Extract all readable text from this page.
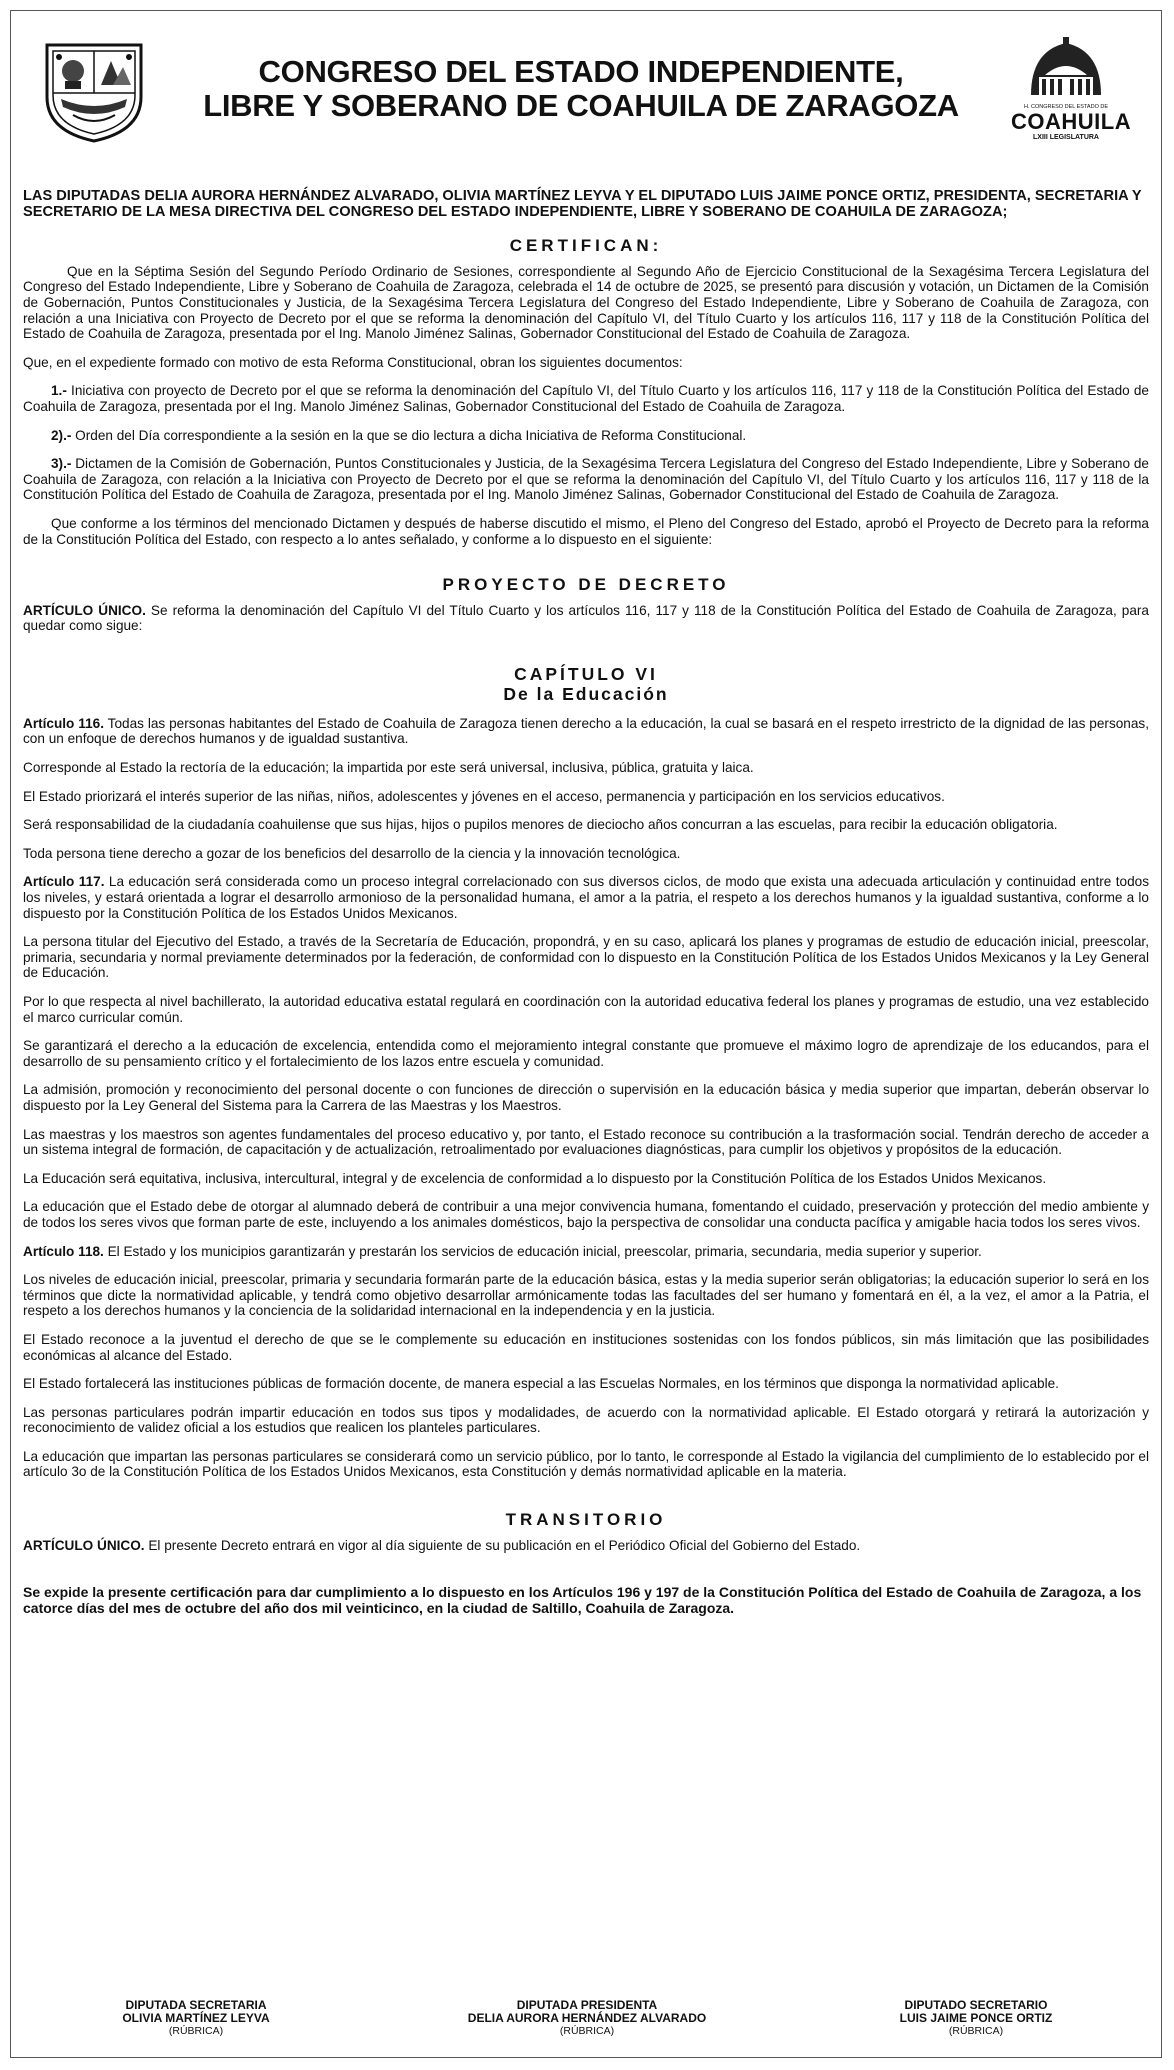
CONGRESO DEL ESTADO INDEPENDIENTE,
LIBRE Y SOBERANO DE COAHUILA DE ZARAGOZA	H. CONGRESO DEL ESTADO DE
COAHUILA
LXIII LEGISLATURA

LAS DIPUTADAS DELIA AURORA HERNÁNDEZ ALVARADO, OLIVIA MARTÍNEZ LEYVA Y EL DIPUTADO LUIS JAIME PONCE ORTIZ, PRESIDENTA, SECRETARIA Y SECRETARIO DE LA MESA DIRECTIVA DEL CONGRESO DEL ESTADO INDEPENDIENTE, LIBRE Y SOBERANO DE COAHUILA DE ZARAGOZA;

CERTIFICAN:

Que en la Séptima Sesión del Segundo Período Ordinario de Sesiones, correspondiente al Segundo Año de Ejercicio Constitucional de la Sexagésima Tercera Legislatura del Congreso del Estado Independiente, Libre y Soberano de Coahuila de Zaragoza, celebrada el 14 de octubre de 2025, se presentó para discusión y votación, un Dictamen de la Comisión de Gobernación, Puntos Constitucionales y Justicia, de la Sexagésima Tercera Legislatura del Congreso del Estado Independiente, Libre y Soberano de Coahuila de Zaragoza, con relación a una Iniciativa con Proyecto de Decreto por el que se reforma la denominación del Capítulo VI, del Título Cuarto y los artículos 116, 117 y 118 de la Constitución Política del Estado de Coahuila de Zaragoza, presentada por el Ing. Manolo Jiménez Salinas, Gobernador Constitucional del Estado de Coahuila de Zaragoza.

Que, en el expediente formado con motivo de esta Reforma Constitucional, obran los siguientes documentos:

1.- Iniciativa con proyecto de Decreto por el que se reforma la denominación del Capítulo VI, del Título Cuarto y los artículos 116, 117 y 118 de la Constitución Política del Estado de Coahuila de Zaragoza, presentada por el Ing. Manolo Jiménez Salinas, Gobernador Constitucional del Estado de Coahuila de Zaragoza.

2).- Orden del Día correspondiente a la sesión en la que se dio lectura a dicha Iniciativa de Reforma Constitucional.

3).- Dictamen de la Comisión de Gobernación, Puntos Constitucionales y Justicia, de la Sexagésima Tercera Legislatura del Congreso del Estado Independiente, Libre y Soberano de Coahuila de Zaragoza, con relación a la Iniciativa con Proyecto de Decreto por el que se reforma la denominación del Capítulo VI, del Título Cuarto y los artículos 116, 117 y 118 de la Constitución Política del Estado de Coahuila de Zaragoza, presentada por el Ing. Manolo Jiménez Salinas, Gobernador Constitucional del Estado de Coahuila de Zaragoza.

Que conforme a los términos del mencionado Dictamen y después de haberse discutido el mismo, el Pleno del Congreso del Estado, aprobó el Proyecto de Decreto para la reforma de la Constitución Política del Estado, con respecto a lo antes señalado, y conforme a lo dispuesto en el siguiente:

PROYECTO DE DECRETO

ARTÍCULO ÚNICO. Se reforma la denominación del Capítulo VI del Título Cuarto y los artículos 116, 117 y 118 de la Constitución Política del Estado de Coahuila de Zaragoza, para quedar como sigue:

CAPÍTULO VI

De la Educación

Artículo 116. Todas las personas habitantes del Estado de Coahuila de Zaragoza tienen derecho a la educación, la cual se basará en el respeto irrestricto de la dignidad de las personas, con un enfoque de derechos humanos y de igualdad sustantiva.

Corresponde al Estado la rectoría de la educación; la impartida por este será universal, inclusiva, pública, gratuita y laica.

El Estado priorizará el interés superior de las niñas, niños, adolescentes y jóvenes en el acceso, permanencia y participación en los servicios educativos.

Será responsabilidad de la ciudadanía coahuilense que sus hijas, hijos o pupilos menores de dieciocho años concurran a las escuelas, para recibir la educación obligatoria.

Toda persona tiene derecho a gozar de los beneficios del desarrollo de la ciencia y la innovación tecnológica.

Artículo 117. La educación será considerada como un proceso integral correlacionado con sus diversos ciclos, de modo que exista una adecuada articulación y continuidad entre todos los niveles, y estará orientada a lograr el desarrollo armonioso de la personalidad humana, el amor a la patria, el respeto a los derechos humanos y la igualdad sustantiva, conforme a lo dispuesto por la Constitución Política de los Estados Unidos Mexicanos.

La persona titular del Ejecutivo del Estado, a través de la Secretaría de Educación, propondrá, y en su caso, aplicará los planes y programas de estudio de educación inicial, preescolar, primaria, secundaria y normal previamente determinados por la federación, de conformidad con lo dispuesto en la Constitución Política de los Estados Unidos Mexicanos y la Ley General de Educación.

Por lo que respecta al nivel bachillerato, la autoridad educativa estatal regulará en coordinación con la autoridad educativa federal los planes y programas de estudio, una vez establecido el marco curricular común.

Se garantizará el derecho a la educación de excelencia, entendida como el mejoramiento integral constante que promueve el máximo logro de aprendizaje de los educandos, para el desarrollo de su pensamiento crítico y el fortalecimiento de los lazos entre escuela y comunidad.

La admisión, promoción y reconocimiento del personal docente o con funciones de dirección o supervisión en la educación básica y media superior que impartan, deberán observar lo dispuesto por la Ley General del Sistema para la Carrera de las Maestras y los Maestros.

Las maestras y los maestros son agentes fundamentales del proceso educativo y, por tanto, el Estado reconoce su contribución a la trasformación social. Tendrán derecho de acceder a un sistema integral de formación, de capacitación y de actualización, retroalimentado por evaluaciones diagnósticas, para cumplir los objetivos y propósitos de la educación.

La Educación será equitativa, inclusiva, intercultural, integral y de excelencia de conformidad a lo dispuesto por la Constitución Política de los Estados Unidos Mexicanos.

La educación que el Estado debe de otorgar al alumnado deberá de contribuir a una mejor convivencia humana, fomentando el cuidado, preservación y protección del medio ambiente y de todos los seres vivos que forman parte de este, incluyendo a los animales domésticos, bajo la perspectiva de consolidar una conducta pacífica y amigable hacia todos los seres vivos.

Artículo 118. El Estado y los municipios garantizarán y prestarán los servicios de educación inicial, preescolar, primaria, secundaria, media superior y superior.

Los niveles de educación inicial, preescolar, primaria y secundaria formarán parte de la educación básica, estas y la media superior serán obligatorias; la educación superior lo será en los términos que dicte la normatividad aplicable, y tendrá como objetivo desarrollar armónicamente todas las facultades del ser humano y fomentará en él, a la vez, el amor a la Patria, el respeto a los derechos humanos y la conciencia de la solidaridad internacional en la independencia y en la justicia.

El Estado reconoce a la juventud el derecho de que se le complemente su educación en instituciones sostenidas con los fondos públicos, sin más limitación que las posibilidades económicas al alcance del Estado.

El Estado fortalecerá las instituciones públicas de formación docente, de manera especial a las Escuelas Normales, en los términos que disponga la normatividad aplicable.

Las personas particulares podrán impartir educación en todos sus tipos y modalidades, de acuerdo con la normatividad aplicable. El Estado otorgará y retirará la autorización y reconocimiento de validez oficial a los estudios que realicen los planteles particulares.

La educación que impartan las personas particulares se considerará como un servicio público, por lo tanto, le corresponde al Estado la vigilancia del cumplimiento de lo establecido por el artículo 3o de la Constitución Política de los Estados Unidos Mexicanos, esta Constitución y demás normatividad aplicable en la materia.

TRANSITORIO

ARTÍCULO ÚNICO. El presente Decreto entrará en vigor al día siguiente de su publicación en el Periódico Oficial del Gobierno del Estado.

Se expide la presente certificación para dar cumplimiento a lo dispuesto en los Artículos 196 y 197 de la Constitución Política del Estado de Coahuila de Zaragoza, a los catorce días del mes de octubre del año dos mil veinticinco, en la ciudad de Saltillo, Coahuila de Zaragoza.

DIPUTADA SECRETARIA
OLIVIA MARTÍNEZ LEYVA
(RÚBRICA)
DIPUTADA PRESIDENTA
DELIA AURORA HERNÁNDEZ ALVARADO
(RÚBRICA)
DIPUTADO SECRETARIO
LUIS JAIME PONCE ORTIZ
(RÚBRICA)
